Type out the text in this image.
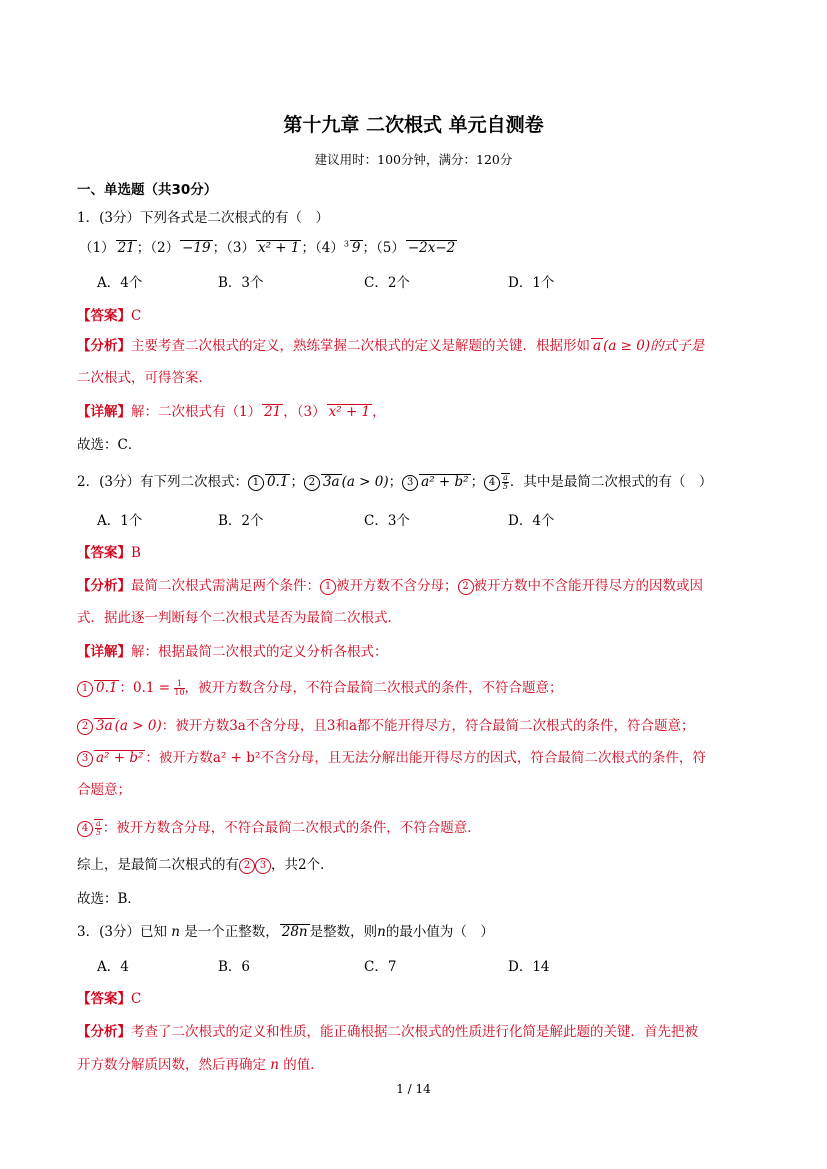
第十九章 二次根式 单元自测卷
建议用时：100分钟，满分：120分
一、单选题（共30分）
1．(3分）下列各式是二次根式的有（　）
（1） 21 ；（2） −19 ；（3） x² + 1 ；$(4)^3$ 9 ；（5） −2x−2
A．4个	B．3个	C．2个	D．1个
【答案】C
【分析】主要考查二次根式的定义，熟练掌握二次根式的定义是解题的关键．根据形如 a (a ≥ 0)的式子是
二次根式，可得答案．
【详解】解：二次根式有（1） 21 ，（3） x² + 1 ，
故选：C．
2．(3分）有下列二次根式： 1 0.1 ； 2 3a (a > 0)； 3 a² + b² ； $4 \frac{a}{5}$ ．其中是最简二次根式的有（　）
A．1个	B．2个	C．3个	D．4个
【答案】B
【分析】最简二次根式需满足两个条件： 1 被开方数不含分母； 2 被开方数中不含能开得尽方的因数或因
式．据此逐一判断每个二次根式是否为最简二次根式．
【详解】解：根据最简二次根式的定义分析各根式：
1 0.1 ：$0.1 = \frac{1}{10}$ ，被开方数含分母，不符合最简二次根式的条件，不符合题意；
2 3a (a > 0)：被开方数3a不含分母，且3和a都不能开得尽方，符合最简二次根式的条件，符合题意；
3 a² + b² ：被开方数a² + b²不含分母，且无法分解出能开得尽方的因式，符合最简二次根式的条件，符
合题意；
$4 \frac{a}{5}$ ：被开方数含分母，不符合最简二次根式的条件，不符合题意．
综上，是最简二次根式的有 2 3 ，共2个．
故选：B．
3．(3分）已知 n 是一个正整数， 28n 是整数，则n的最小值为（　）
A．4	B．6	C．7	D．14
【答案】C
【分析】考查了二次根式的定义和性质，能正确根据二次根式的性质进行化简是解此题的关键．首先把被
开方数分解质因数，然后再确定 n 的值．
1 / 14
